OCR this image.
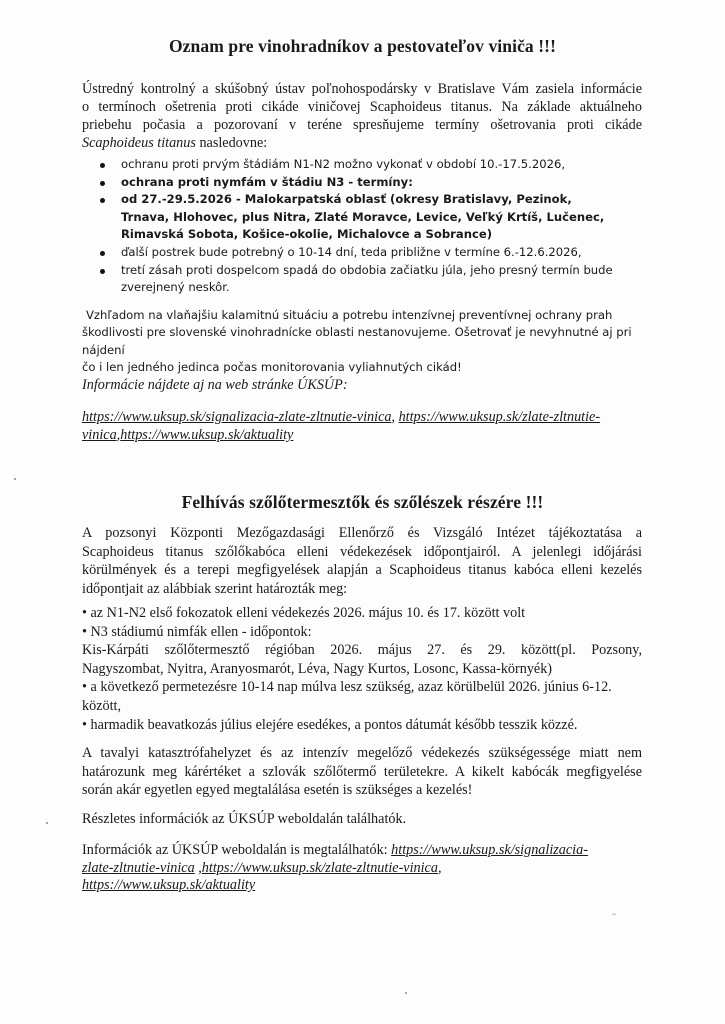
Oznam pre vinohradníkov a pestovateľov viniča !!!
Ústredný kontrolný a skúšobný ústav poľnohospodársky v Bratislave Vám zasiela informácie
o termínoch ošetrenia proti cikáde viničovej Scaphoideus titanus. Na základe aktuálneho
priebehu počasia a pozorovaní v teréne spresňujeme termíny ošetrovania proti cikáde
Scaphoideus titanus nasledovne:
ochranu proti prvým štádiám N1-N2 možno vykonať v období 10.-17.5.2026,
ochrana proti nymfám v štádiu N3 - termíny:
od 27.-29.5.2026 - Malokarpatská oblasť (okresy Bratislavy, Pezinok, Trnava, Hlohovec, plus Nitra, Zlaté Moravce, Levice, Veľký Krtíš, Lučenec, Rimavská Sobota, Košice-okolie, Michalovce a Sobrance)
ďalší postrek bude potrebný o 10-14 dní, teda približne v termíne 6.-12.6.2026,
tretí zásah proti dospelcom spadá do obdobia začiatku júla, jeho presný termín bude zverejnený neskôr.
Vzhľadom na vlaňajšiu kalamitnú situáciu a potrebu intenzívnej preventívnej ochrany prah
škodlivosti pre slovenské vinohradnícke oblasti nestanovujeme. Ošetrovať je nevyhnutné aj pri nájdení
čo i len jedného jedinca počas monitorovania vyliahnutých cikád!
Informácie nájdete aj na web stránke ÚKSÚP:
https://www.uksup.sk/signalizacia-zlate-zltnutie-vinica, https://www.uksup.sk/zlate-zltnutie-
vinica,https://www.uksup.sk/aktuality
Felhívás szőlőtermesztők és szőlészek részére !!!
A pozsonyi Központi Mezőgazdasági Ellenőrző és Vizsgáló Intézet tájékoztatása a
Scaphoideus titanus szőlőkabóca elleni védekezések időpontjairól. A jelenlegi időjárási
körülmények és a terepi megfigyelések alapján a Scaphoideus titanus kabóca elleni kezelés
időpontjait az alábbiak szerint határozták meg:
• az N1-N2 első fokozatok elleni védekezés 2026. május 10. és 17. között volt
• N3 stádiumú nimfák ellen - időpontok:
Kis-Kárpáti szőlőtermesztő régióban 2026. május 27. és 29. között(pl. Pozsony,
Nagyszombat, Nyitra, Aranyosmarót, Léva, Nagy Kurtos, Losonc, Kassa-környék)
• a következő permetezésre 10-14 nap múlva lesz szükség, azaz körülbelül 2026. június 6-12.
között,
• harmadik beavatkozás július elejére esedékes, a pontos dátumát később tesszik közzé.
A tavalyi katasztrófahelyzet és az intenzív megelőző védekezés szükségessége miatt nem
határozunk meg kárértéket a szlovák szőlőtermő területekre. A kikelt kabócák megfigyelése
során akár egyetlen egyed megtalálása esetén is szükséges a kezelés!
Részletes információk az ÚKSÚP weboldalán találhatók.
Információk az ÚKSÚP weboldalán is megtalálhatók: https://www.uksup.sk/signalizacia-
zlate-zltnutie-vinica ,https://www.uksup.sk/zlate-zltnutie-vinica,
https://www.uksup.sk/aktuality
~
